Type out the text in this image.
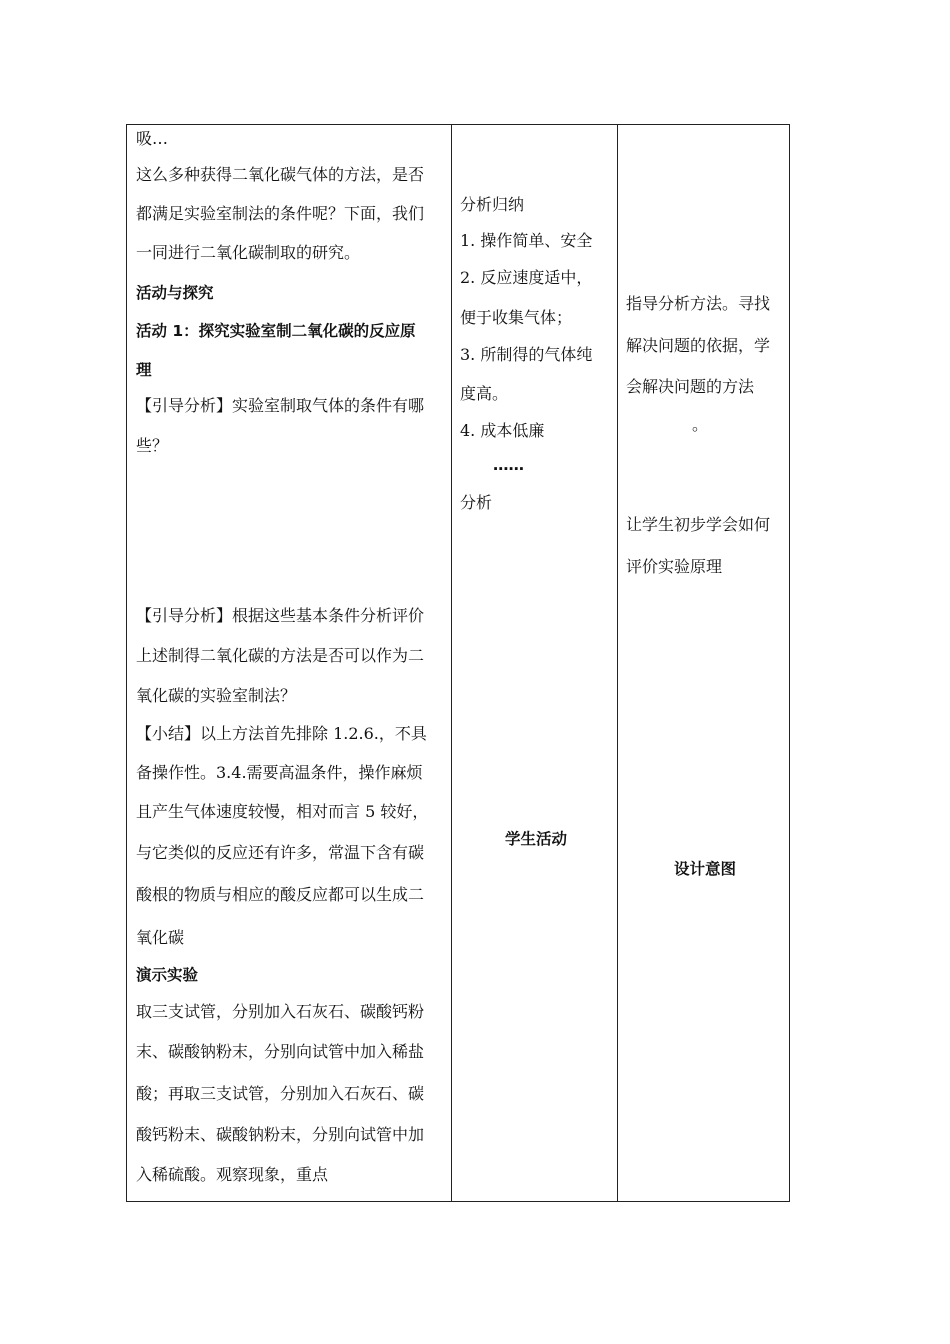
吸…
这么多种获得二氧化碳气体的方法，是否
都满足实验室制法的条件呢？下面，我们
一同进行二氧化碳制取的研究。
活动与探究
活动 1：探究实验室制二氧化碳的反应原
理
【引导分析】实验室制取气体的条件有哪
些？
【引导分析】根据这些基本条件分析评价
上述制得二氧化碳的方法是否可以作为二
氧化碳的实验室制法？
【小结】以上方法首先排除 1.2.6.，不具
备操作性。3.4.需要高温条件，操作麻烦
且产生气体速度较慢，相对而言 5 较好，
与它类似的反应还有许多，常温下含有碳
酸根的物质与相应的酸反应都可以生成二
氧化碳
演示实验
取三支试管，分别加入石灰石、碳酸钙粉
末、碳酸钠粉末，分别向试管中加入稀盐
酸；再取三支试管，分别加入石灰石、碳
酸钙粉末、碳酸钠粉末，分别向试管中加
入稀硫酸。观察现象，重点
分析归纳
1. 操作简单、安全
2. 反应速度适中，
便于收集气体；
3. 所制得的气体纯
度高。
4. 成本低廉
……
分析
学生活动
指导分析方法。寻找
解决问题的依据，学
会解决问题的方法
。
让学生初步学会如何
评价实验原理
设计意图
